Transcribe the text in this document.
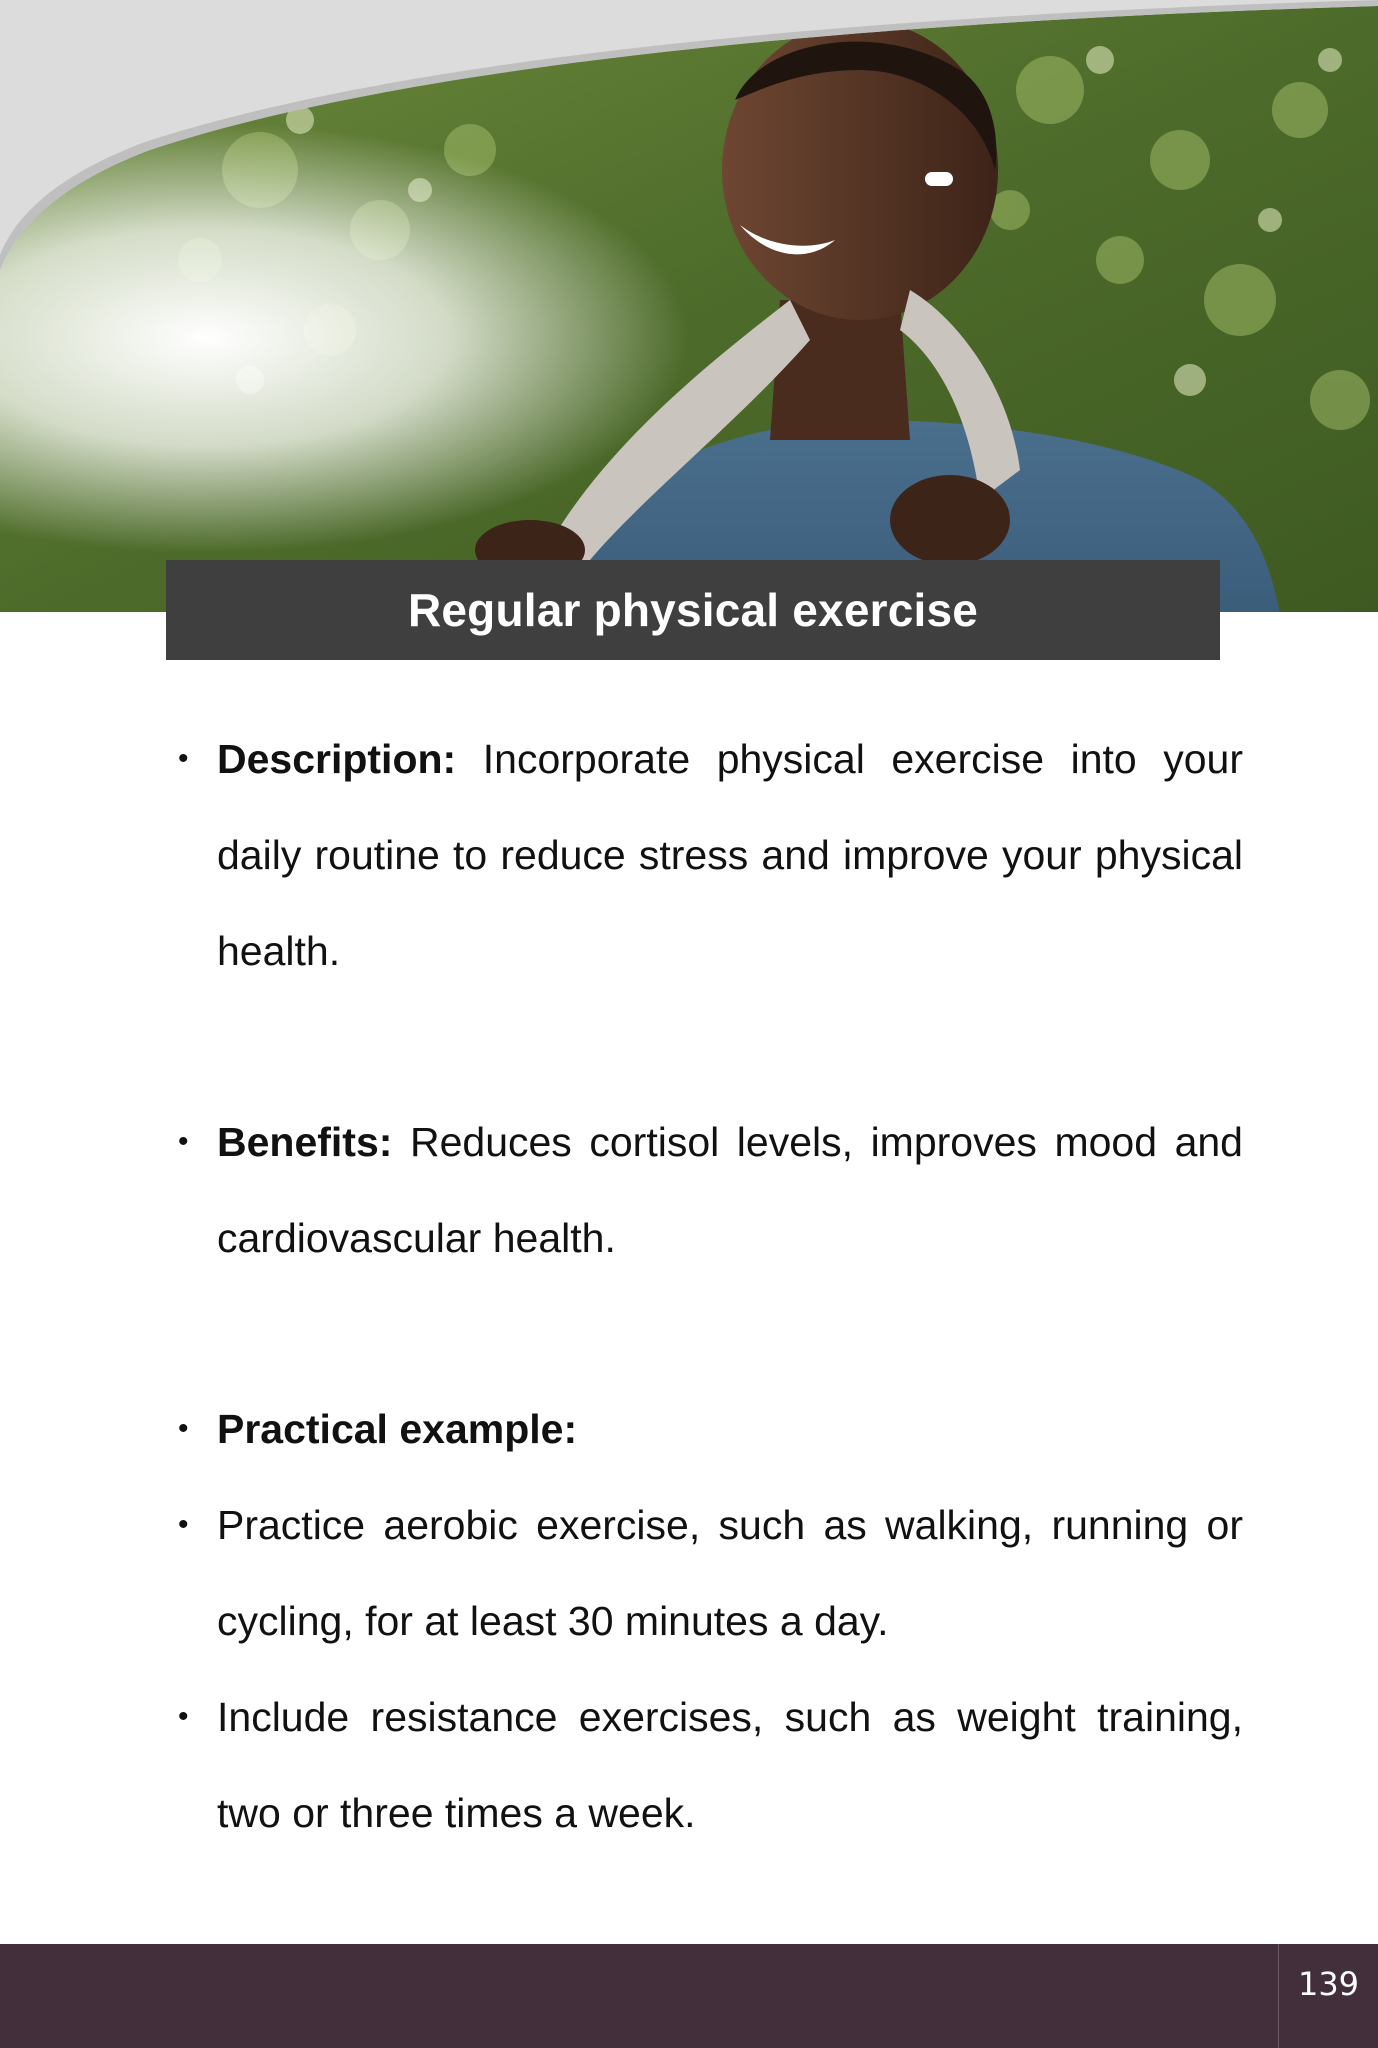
Regular physical exercise
• Description: Incorporate physical exercise into your daily routine to reduce stress and improve your physical health.
• Benefits: Reduces cortisol levels, improves mood and cardiovascular health.
• Practical example:
• Practice aerobic exercise, such as walking, running or cycling, for at least 30 minutes a day.
• Include resistance exercises, such as weight training, two or three times a week.
139
